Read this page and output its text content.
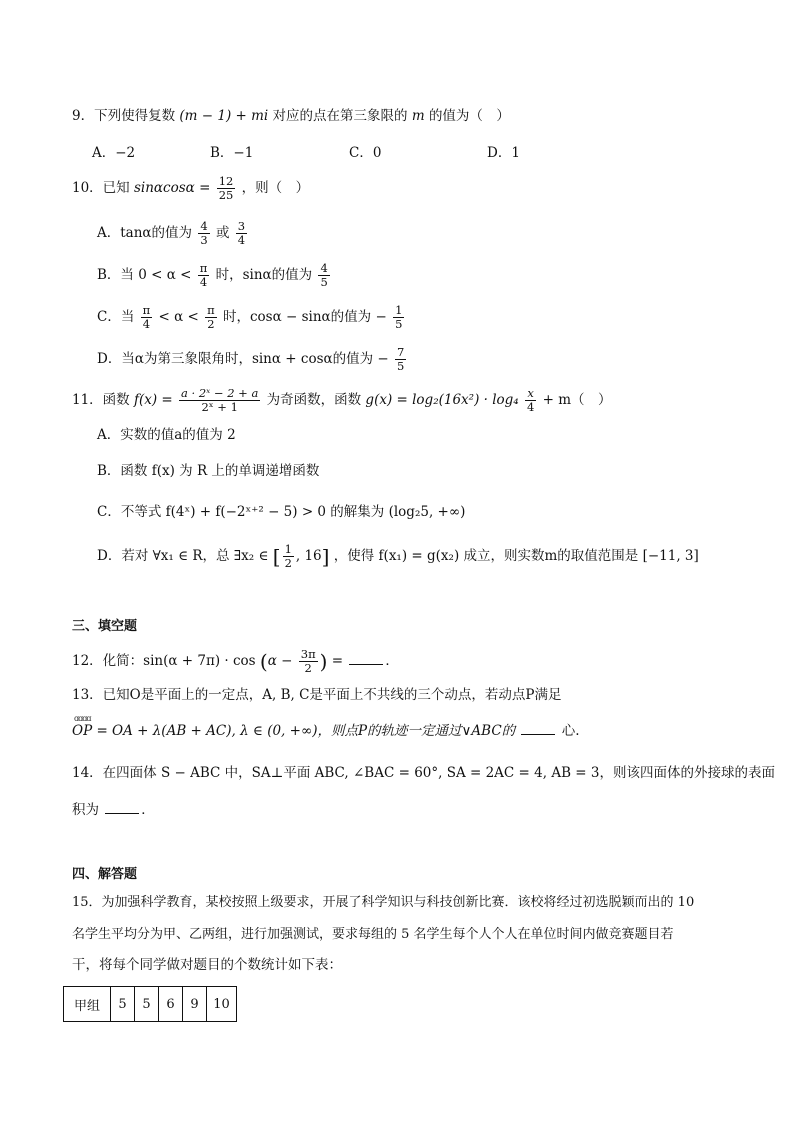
9．下列使得复数 (m − 1) + mi 对应的点在第三象限的 m 的值为（　）
A．−2	B．−1	C．0	D．1
10．已知 $\sin\alpha\cos\alpha = \frac{12}{25}$ ，则（　）
A．tanα的值为 $\frac{4}{3}$ 或 $\frac{3}{4}$
B．当 $0 < \alpha < \frac{\pi}{4}$ 时，sinα的值为 $\frac{4}{5}$
C．当 $\frac{\pi}{4} < \alpha < \frac{\pi}{2}$ 时，cosα − sinα的值为 − $\frac{1}{5}$
D．当α为第三象限角时，sinα + cosα的值为 − $\frac{7}{5}$
11．函数 $f(x) = \frac{\text{a · 2ˣ − 2 + a}}{\text{2ˣ + 1}}$ 为奇函数，函数 $g(x) = \log_2(16x^2) \cdot \log_4 \frac{x}{4} + m$（　）
A．实数的值a的值为 2
B．函数 f(x) 为 R 上的单调递增函数
C．不等式 f(4ˣ) + f(−2ˣ⁺² − 5) > 0 的解集为 (log₂5, +∞)
D．若对 ∀x₁ ∈ R，总 ∃x₂ ∈ [ $\frac{1}{2}$ , 16] ，使得 f(x₁) = g(x₂) 成立，则实数m的取值范围是 [−11, 3]
三、填空题
12．化简：$\sin(\alpha + 7\pi) \cdot \cos (\alpha - \frac{3\pi}{2}$ ) =	．
13．已知O是平面上的一定点，A, B, C是平面上不共线的三个动点，若动点P满足
ɑɑɑɑ
OP = OA + λ(AB + AC), λ ∈ (0, +∞)，则点P的轨迹一定通过∨ABC的	心.
14．在四面体 S − ABC 中，SA⊥平面 ABC, ∠BAC = 60°, SA = 2AC = 4, AB = 3，则该四面体的外接球的表面
积为	．
四、解答题
15．为加强科学教育，某校按照上级要求，开展了科学知识与科技创新比赛．该校将经过初选脱颖而出的 10
名学生平均分为甲、乙两组，进行加强测试，要求每组的 5 名学生每个人个人在单位时间内做竞赛题目若
干，将每个同学做对题目的个数统计如下表：
甲组	5	5	6	9	10
